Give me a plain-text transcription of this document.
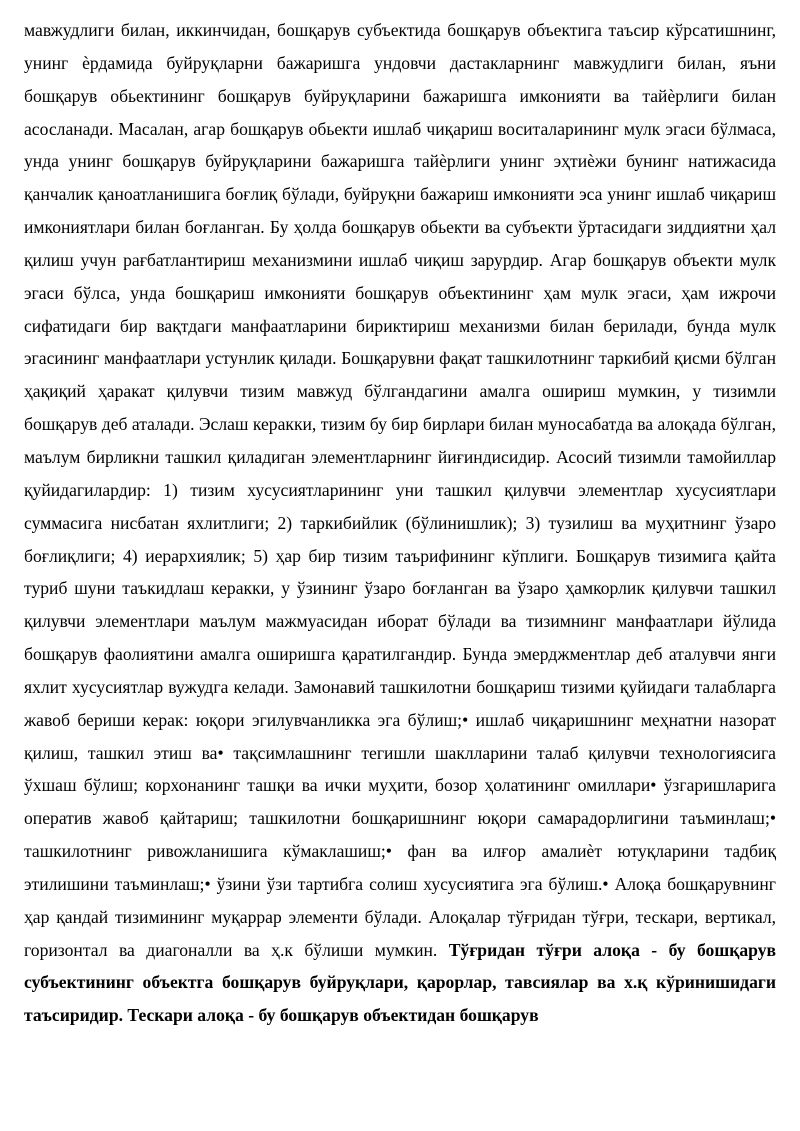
мавжудлиги билан, иккинчидан, бошқарув субъектида бошқарув объектига таъсир кўрсатишнинг, унинг ѐрдамида буйруқларни бажаришга ундовчи дастакларнинг мавжудлиги билан, яъни бошқарув обьектининг бошқарув буйруқларини бажаришга имконияти ва тайѐрлиги билан асосланади. Масалан, агар бошқарув обьекти ишлаб чиқариш воситаларининг мулк эгаси бўлмаса, унда унинг бошқарув буйруқларини бажаришга тайѐрлиги унинг эҳтиѐжи бунинг натижасида қанчалик қаноатланишига боғлиқ бўлади, буйруқни бажариш имконияти эса унинг ишлаб чиқариш имкониятлари билан боғланган. Бу ҳолда бошқарув обьекти ва субъекти ўртасидаги зиддиятни ҳал қилиш учун рағбатлантириш механизмини ишлаб чиқиш зарурдир. Агар бошқарув объекти мулк эгаси бўлса, унда бошқариш имконияти бошқарув объектининг ҳам мулк эгаси, ҳам ижрочи сифатидаги бир вақтдаги манфаатларини бириктириш механизми билан берилади, бунда мулк эгасининг манфаатлари устунлик қилади. Бошқарувни фақат ташкилотнинг таркибий қисми бўлган ҳақиқий ҳаракат қилувчи тизим мавжуд бўлгандагини амалга ошириш мумкин, у тизимли бошқарув деб аталади. Эслаш керакки, тизим бу бир бирлари билан муносабатда ва алоқада бўлган, маълум бирликни ташкил қиладиган элементларнинг йиғиндисидир. Асосий тизимли тамойиллар қуйидагилардир: 1) тизим хусусиятларининг уни ташкил қилувчи элементлар хусусиятлари суммасига нисбатан яхлитлиги; 2) таркибийлик (бўлинишлик); 3) тузилиш ва муҳитнинг ўзаро боғлиқлиги; 4) иерархиялик; 5) ҳар бир тизим таърифининг кўплиги. Бошқарув тизимига қайта туриб шуни таъкидлаш керакки, у ўзининг ўзаро боғланган ва ўзаро ҳамкорлик қилувчи ташкил қилувчи элементлари маълум мажмуасидан иборат бўлади ва тизимнинг манфаатлари йўлида бошқарув фаолиятини амалга оширишга қаратилгандир. Бунда эмерджментлар деб аталувчи янги яхлит хусусиятлар вужудга келади. Замонавий ташкилотни бошқариш тизими қуйидаги талабларга жавоб бериши керак: юқори эгилувчанликка эга бўлиш;• ишлаб чиқаришнинг меҳнатни назорат қилиш, ташкил этиш ва• тақсимлашнинг тегишли шаклларини талаб қилувчи технологиясига ўхшаш бўлиш; корхонанинг ташқи ва ички муҳити, бозор ҳолатининг омиллари• ўзгаришларига оператив жавоб қайтариш; ташкилотни бошқаришнинг юқори самарадорлигини таъминлаш;• ташкилотнинг ривожланишига кўмаклашиш;• фан ва илғор амалиѐт ютуқларини тадбиқ этилишини таъминлаш;• ўзини ўзи тартибга солиш хусусиятига эга бўлиш.• Алоқа бошқарувнинг ҳар қандай тизимининг муқаррар элементи бўлади. Алоқалар тўғридан тўғри, тескари, вертикал, горизонтал ва диагоналли ва ҳ.к бўлиши мумкин. Тўғридан тўғри алоқа - бу бошқарув субъектининг объектга бошқарув буйруқлари, қарорлар, тавсиялар ва х.қ кўринишидаги таъсиридир. Тескари алоқа - бу бошқарув объектидан бошқарув
